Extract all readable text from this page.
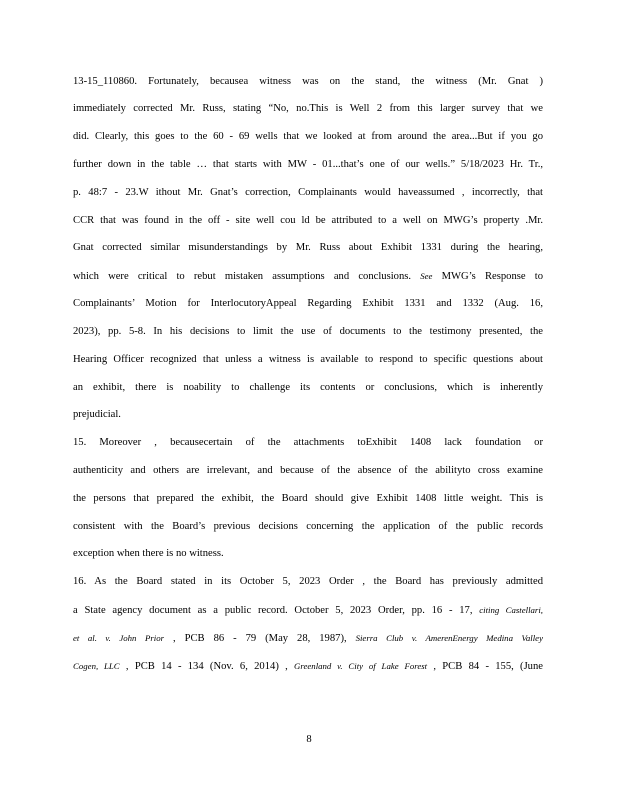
13-15_110860. Fortunately, becausea witness was on the stand, the witness (Mr. Gnat )
immediately corrected Mr. Russ, stating “No, no.This is Well 2 from this larger survey that we
did. Clearly, this goes to the 60 - 69 wells that we looked at from around the area...But if you go
further down in the table … that starts with MW - 01...that’s one of our wells.” 5/18/2023 Hr. Tr.,
p. 48:7 - 23.W ithout Mr. Gnat’s correction, Complainants would haveassumed , incorrectly, that
CCR that was found in the off - site well cou ld be attributed to a well on MWG’s property .Mr.
Gnat corrected similar misunderstandings by Mr. Russ about Exhibit 1331 during the hearing,
which were critical to rebut mistaken assumptions and conclusions. See MWG’s Response to
Complainants’ Motion for InterlocutoryAppeal Regarding Exhibit 1331 and 1332 (Aug. 16,
2023), pp. 5-8. In his decisions to limit the use of documents to the testimony presented, the
Hearing Officer recognized that unless a witness is available to respond to specific questions about
an exhibit, there is noability to challenge its contents or conclusions, which is inherently
prejudicial.
15. Moreover , becausecertain of the attachments toExhibit 1408 lack foundation or
authenticity and others are irrelevant, and because of the absence of the abilityto cross examine
the persons that prepared the exhibit, the Board should give Exhibit 1408 little weight. This is
consistent with the Board’s previous decisions concerning the application of the public records
exception when there is no witness.
16. As the Board stated in its October 5, 2023 Order , the Board has previously admitted
a State agency document as a public record. October 5, 2023 Order, pp. 16 - 17, citing Castellari,
et al. v. John Prior , PCB 86 - 79 (May 28, 1987), Sierra Club v. AmerenEnergy Medina Valley
Cogen, LLC , PCB 14 - 134 (Nov. 6, 2014) , Greenland v. City of Lake Forest , PCB 84 - 155, (June
8
